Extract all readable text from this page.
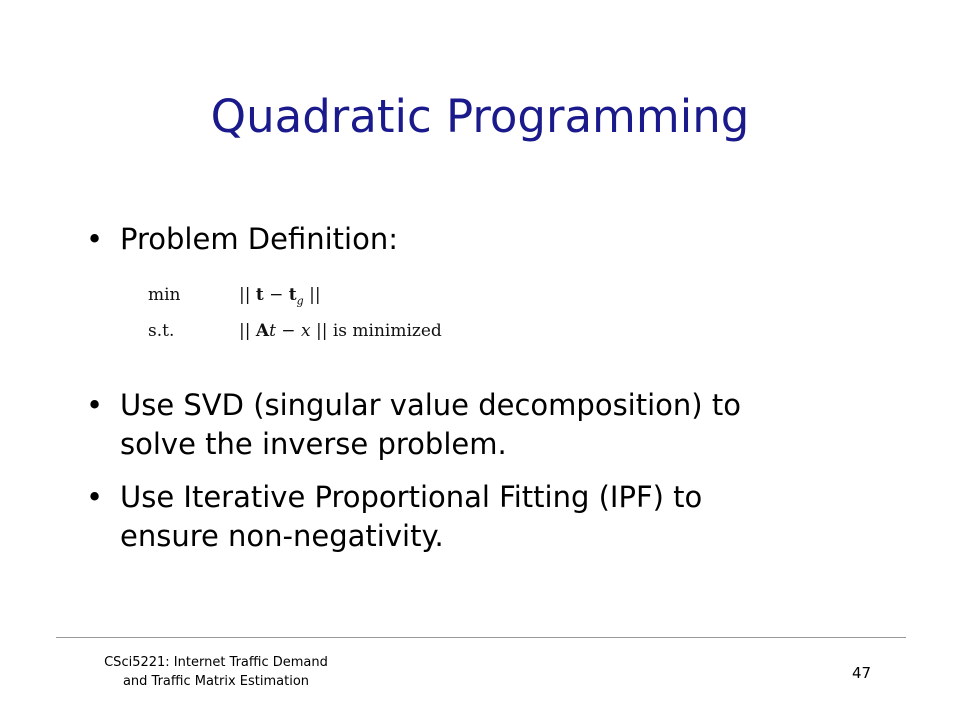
Quadratic Programming
• Problem Definition:
min	|| $t - t_g$ ||
s.t.	|| At − x || is minimized
• Use SVD (singular value decomposition) to
solve the inverse problem.
• Use Iterative Proportional Fitting (IPF) to
ensure non-negativity.
CSci5221: Internet Traffic Demand
and Traffic Matrix Estimation	47
